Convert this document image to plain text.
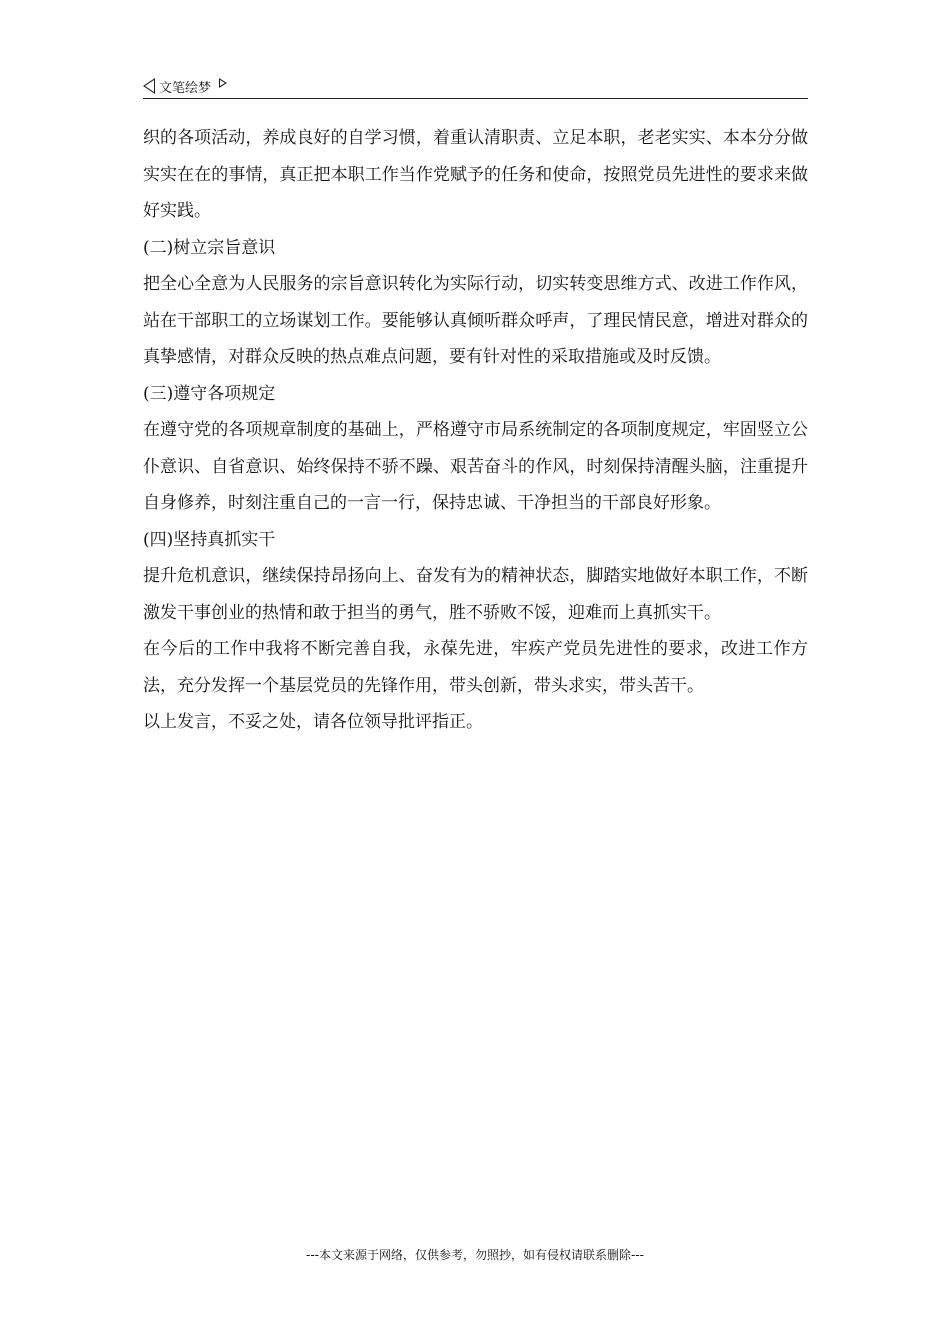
文笔绘梦

织的各项活动，养成良好的自学习惯，着重认清职责、立足本职，老老实实、本本分分做实实在在的事情，真正把本职工作当作党赋予的任务和使命，按照党员先进性的要求来做好实践。

(二)树立宗旨意识

把全心全意为人民服务的宗旨意识转化为实际行动，切实转变思维方式、改进工作作风，站在干部职工的立场谋划工作。要能够认真倾听群众呼声，了理民情民意，增进对群众的真挚感情，对群众反映的热点难点问题，要有针对性的采取措施或及时反馈。

(三)遵守各项规定

在遵守党的各项规章制度的基础上，严格遵守市局系统制定的各项制度规定，牢固竖立公仆意识、自省意识、始终保持不骄不躁、艰苦奋斗的作风，时刻保持清醒头脑，注重提升自身修养，时刻注重自己的一言一行，保持忠诚、干净担当的干部良好形象。

(四)坚持真抓实干

提升危机意识，继续保持昂扬向上、奋发有为的精神状态，脚踏实地做好本职工作，不断激发干事创业的热情和敢于担当的勇气，胜不骄败不馁，迎难而上真抓实干。

在今后的工作中我将不断完善自我，永葆先进，牢疾产党员先进性的要求，改进工作方法，充分发挥一个基层党员的先锋作用，带头创新，带头求实，带头苦干。

以上发言，不妥之处，请各位领导批评指正。

---本文来源于网络，仅供参考，勿照抄，如有侵权请联系删除---
